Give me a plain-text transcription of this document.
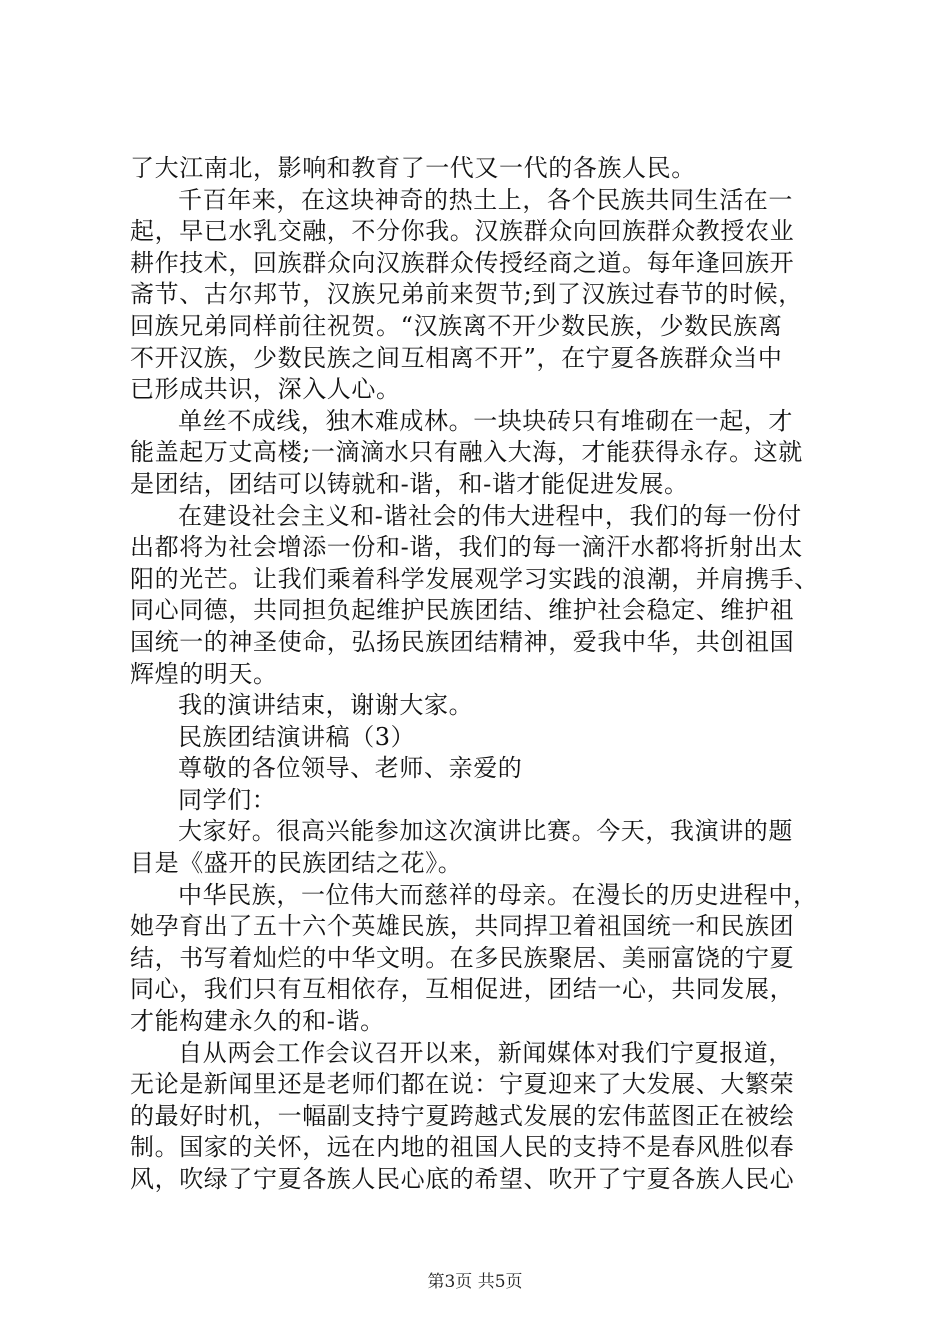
了大江南北，影响和教育了一代又一代的各族人民。
千百年来，在这块神奇的热土上，各个民族共同生活在一
起，早已水乳交融，不分你我。汉族群众向回族群众教授农业
耕作技术，回族群众向汉族群众传授经商之道。每年逢回族开
斋节、古尔邦节，汉族兄弟前来贺节;到了汉族过春节的时候，
回族兄弟同样前往祝贺。“汉族离不开少数民族，少数民族离
不开汉族，少数民族之间互相离不开”，在宁夏各族群众当中
已形成共识，深入人心。
单丝不成线，独木难成林。一块块砖只有堆砌在一起，才
能盖起万丈高楼;一滴滴水只有融入大海，才能获得永存。这就
是团结，团结可以铸就和-谐，和-谐才能促进发展。
在建设社会主义和-谐社会的伟大进程中，我们的每一份付
出都将为社会增添一份和-谐，我们的每一滴汗水都将折射出太
阳的光芒。让我们乘着科学发展观学习实践的浪潮，并肩携手、
同心同德，共同担负起维护民族团结、维护社会稳定、维护祖
国统一的神圣使命，弘扬民族团结精神，爱我中华，共创祖国
辉煌的明天。
我的演讲结束，谢谢大家。
民族团结演讲稿（3）
尊敬的各位领导、老师、亲爱的
同学们：
大家好。很高兴能参加这次演讲比赛。今天，我演讲的题
目是《盛开的民族团结之花》。
中华民族，一位伟大而慈祥的母亲。在漫长的历史进程中，
她孕育出了五十六个英雄民族，共同捍卫着祖国统一和民族团
结，书写着灿烂的中华文明。在多民族聚居、美丽富饶的宁夏
同心，我们只有互相依存，互相促进，团结一心，共同发展，
才能构建永久的和-谐。
自从两会工作会议召开以来，新闻媒体对我们宁夏报道，
无论是新闻里还是老师们都在说：宁夏迎来了大发展、大繁荣
的最好时机，一幅副支持宁夏跨越式发展的宏伟蓝图正在被绘
制。国家的关怀，远在内地的祖国人民的支持不是春风胜似春
风，吹绿了宁夏各族人民心底的希望、吹开了宁夏各族人民心
第3页 共5页
